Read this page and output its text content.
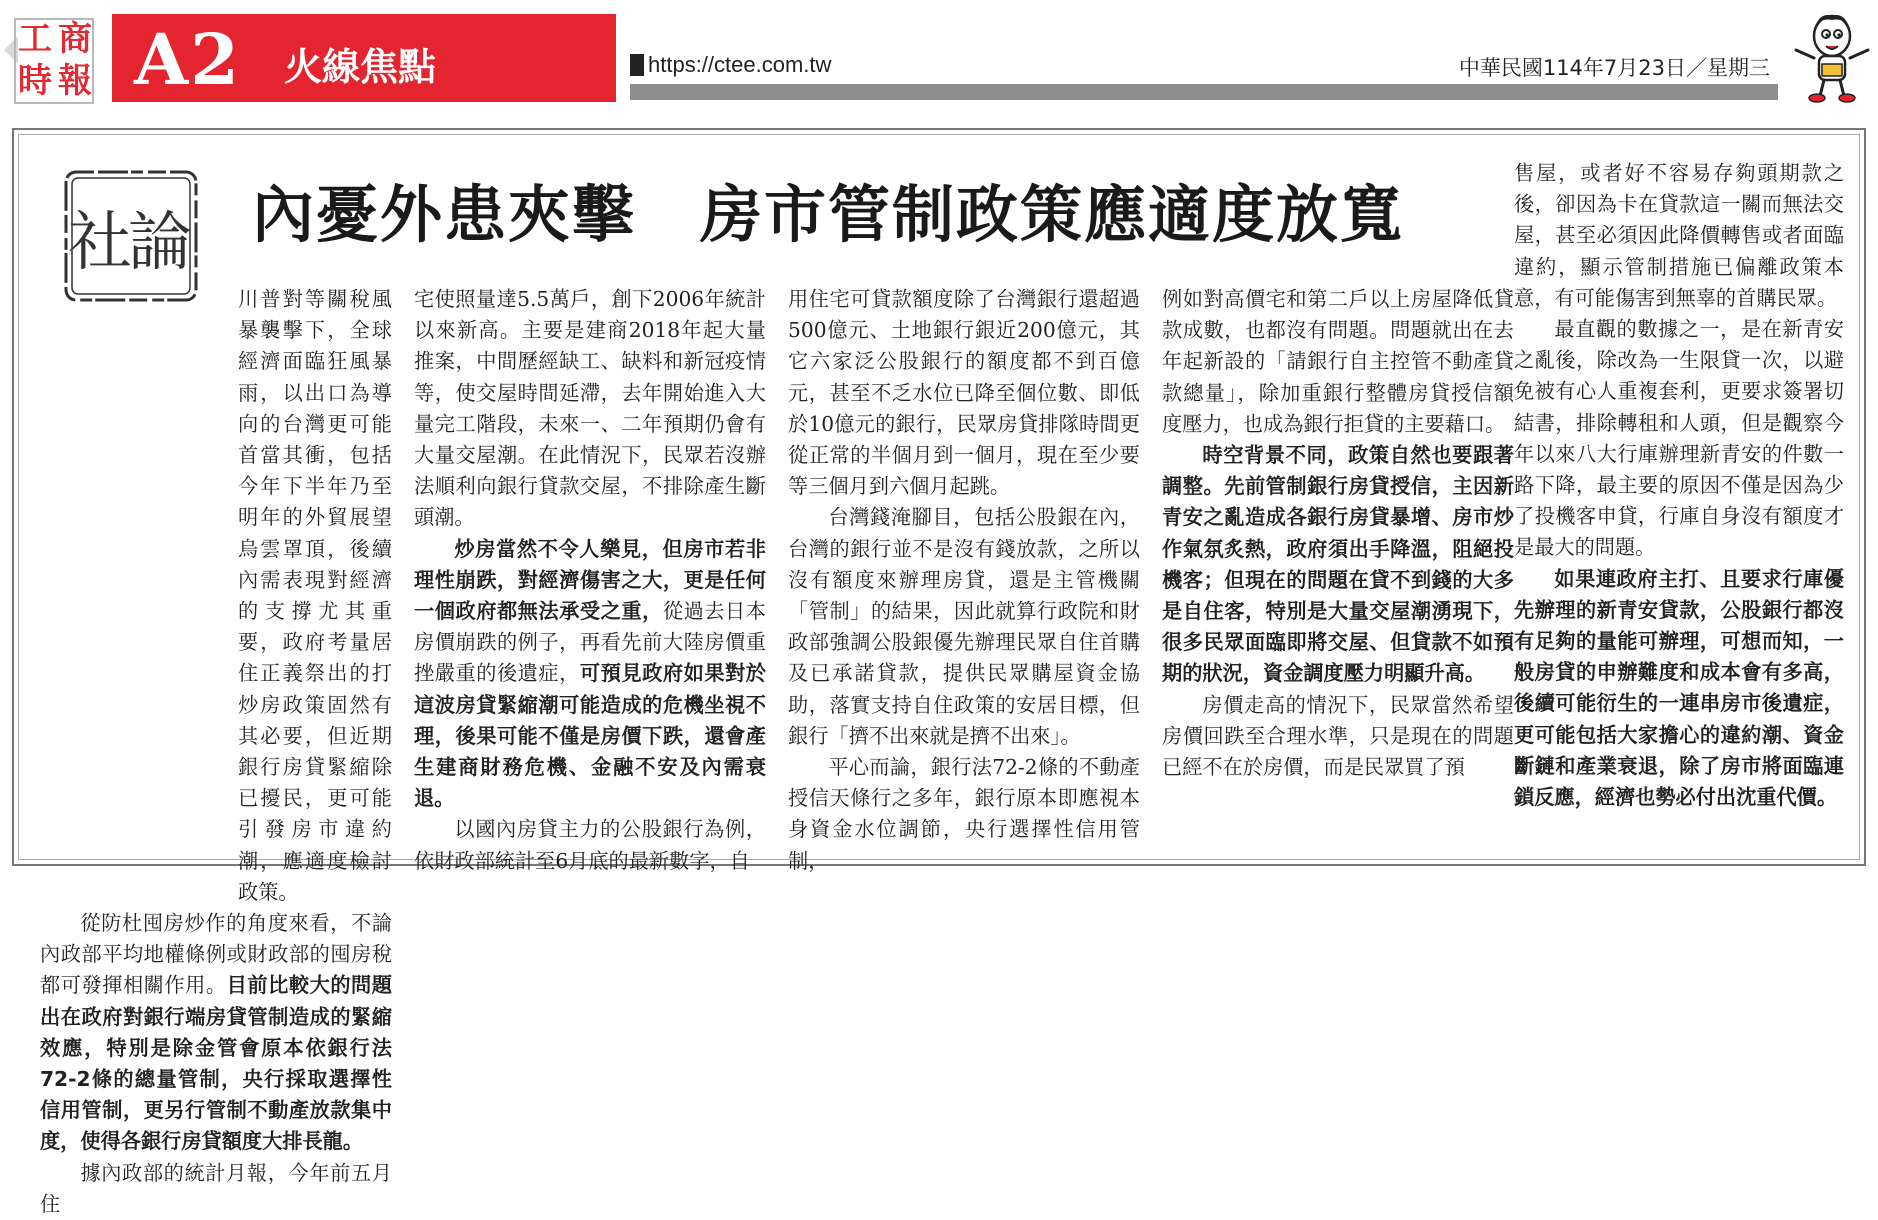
工 商
時 報 A2 火線焦點	https://ctee.com.tw	中華民國114年7月23日／星期三
社
論 內憂外患夾擊　房市管制政策應適度放寬

川普對等關稅風暴襲擊下，全球經濟面臨狂風暴雨，以出口為導向的台灣更可能首當其衝，包括今年下半年乃至明年的外貿展望烏雲罩頂，後續內需表現對經濟的支撐尤其重要，政府考量居住正義祭出的打炒房政策固然有其必要，但近期銀行房貸緊縮除已擾民，更可能引發房市違約潮，應適度檢討政策。

從防杜囤房炒作的角度來看，不論內政部平均地權條例或財政部的囤房稅都可發揮相關作用。目前比較大的問題出在政府對銀行端房貸管制造成的緊縮效應，特別是除金管會原本依銀行法72-2條的總量管制，央行採取選擇性信用管制，更另行管制不動產放款集中度，使得各銀行房貸額度大排長龍。

據內政部的統計月報，今年前五月住

宅使照量達5.5萬戶，創下2006年統計以來新高。主要是建商2018年起大量推案，中間歷經缺工、缺料和新冠疫情等，使交屋時間延滯，去年開始進入大量完工階段，未來一、二年預期仍會有大量交屋潮。在此情況下，民眾若沒辦法順利向銀行貸款交屋，不排除產生斷頭潮。

炒房當然不令人樂見，但房市若非理性崩跌，對經濟傷害之大，更是任何一個政府都無法承受之重，從過去日本房價崩跌的例子，再看先前大陸房價重挫嚴重的後遺症，可預見政府如果對於這波房貸緊縮潮可能造成的危機坐視不理，後果可能不僅是房價下跌，還會產生建商財務危機、金融不安及內需衰退。

以國內房貸主力的公股銀行為例，依財政部統計至6月底的最新數字，自

用住宅可貸款額度除了台灣銀行還超過500億元、土地銀行銀近200億元，其它六家泛公股銀行的額度都不到百億元，甚至不乏水位已降至個位數、即低於10億元的銀行，民眾房貸排隊時間更從正常的半個月到一個月，現在至少要等三個月到六個月起跳。

台灣錢淹腳目，包括公股銀在內，台灣的銀行並不是沒有錢放款，之所以沒有額度來辦理房貸，還是主管機關「管制」的結果，因此就算行政院和財政部強調公股銀優先辦理民眾自住首購及已承諾貸款，提供民眾購屋資金協助，落實支持自住政策的安居目標，但銀行「擠不出來就是擠不出來」。

平心而論，銀行法72-2條的不動產授信天條行之多年，銀行原本即應視本身資金水位調節，央行選擇性信用管制，

例如對高價宅和第二戶以上房屋降低貸款成數，也都沒有問題。問題就出在去年起新設的「請銀行自主控管不動產貸款總量」，除加重銀行整體房貸授信額度壓力，也成為銀行拒貸的主要藉口。

時空背景不同，政策自然也要跟著調整。先前管制銀行房貸授信，主因新青安之亂造成各銀行房貸暴增、房市炒作氣氛炙熱，政府須出手降溫，阻絕投機客；但現在的問題在貸不到錢的大多是自住客，特別是大量交屋潮湧現下，很多民眾面臨即將交屋、但貸款不如預期的狀況，資金調度壓力明顯升高。

房價走高的情況下，民眾當然希望房價回跌至合理水準，只是現在的問題已經不在於房價，而是民眾買了預

售屋，或者好不容易存夠頭期款之後，卻因為卡在貸款這一關而無法交屋，甚至必須因此降價轉售或者面臨違約，顯示管制措施已偏離政策本意，有可能傷害到無辜的首購民眾。

最直觀的數據之一，是在新青安之亂後，除改為一生限貸一次，以避免被有心人重複套利，更要求簽署切結書，排除轉租和人頭，但是觀察今年以來八大行庫辦理新青安的件數一路下降，最主要的原因不僅是因為少了投機客申貸，行庫自身沒有額度才是最大的問題。

如果連政府主打、且要求行庫優先辦理的新青安貸款，公股銀行都沒有足夠的量能可辦理，可想而知，一般房貸的申辦難度和成本會有多高，後續可能衍生的一連串房市後遺症，更可能包括大家擔心的違約潮、資金斷鏈和產業衰退，除了房市將面臨連鎖反應，經濟也勢必付出沈重代價。
